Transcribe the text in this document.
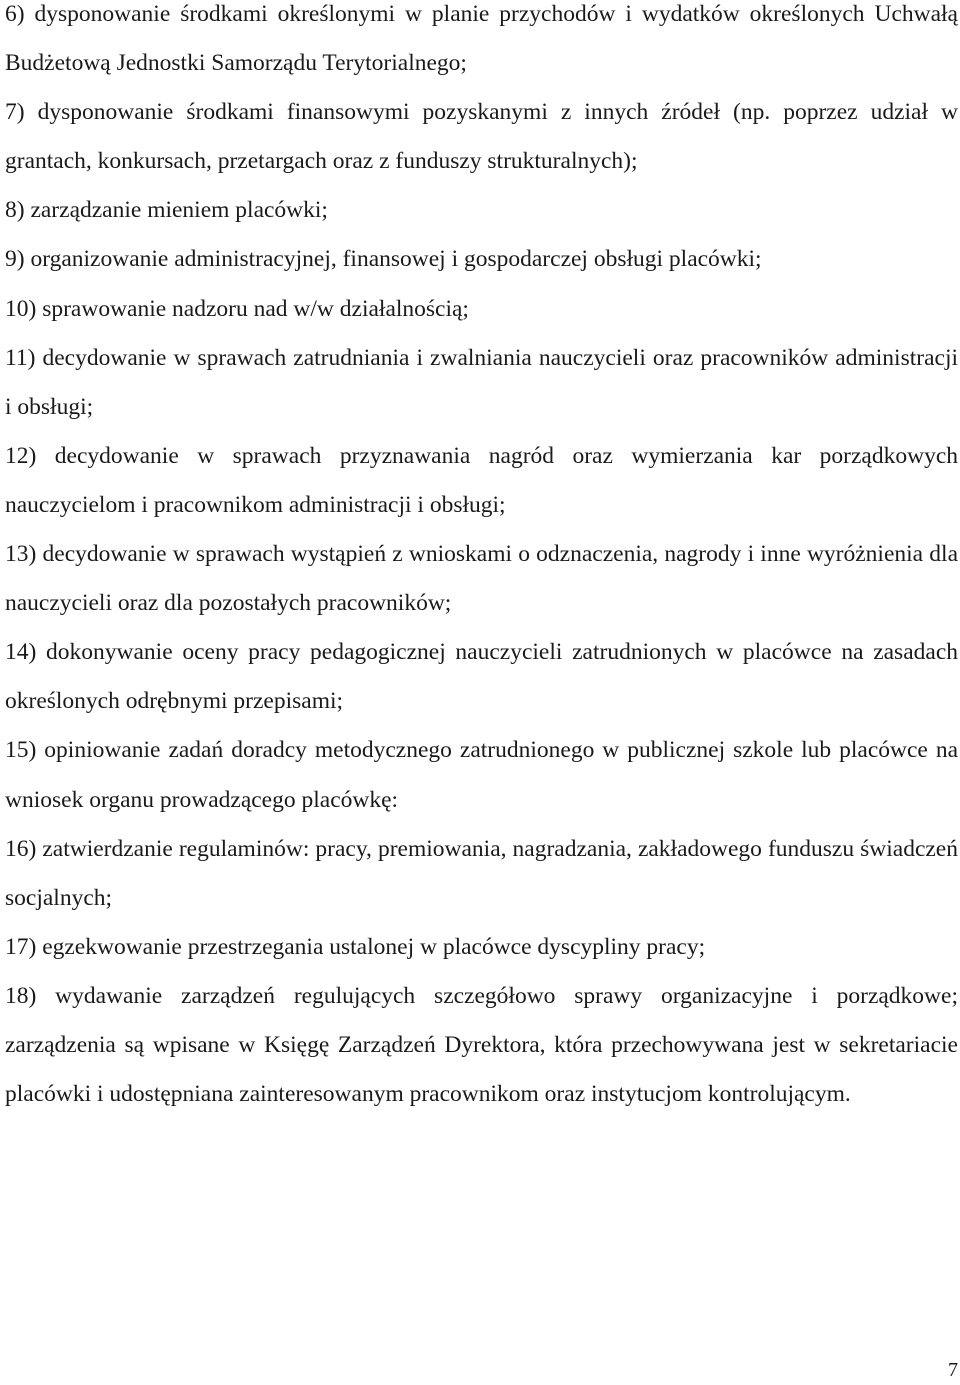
6) dysponowanie środkami określonymi w planie przychodów i wydatków określonych Uchwałą Budżetową Jednostki Samorządu Terytorialnego;

7) dysponowanie środkami finansowymi pozyskanymi z innych źródeł (np. poprzez udział w grantach, konkursach, przetargach oraz z funduszy strukturalnych);

8) zarządzanie mieniem placówki;

9) organizowanie administracyjnej, finansowej i gospodarczej obsługi placówki;

10) sprawowanie nadzoru nad w/w działalnością;

11) decydowanie w sprawach zatrudniania i zwalniania nauczycieli oraz pracowników administracji i obsługi;

12) decydowanie w sprawach przyznawania nagród oraz wymierzania kar porządkowych nauczycielom i pracownikom administracji i obsługi;

13) decydowanie w sprawach wystąpień z wnioskami o odznaczenia, nagrody i inne wyróżnienia dla nauczycieli oraz dla pozostałych pracowników;

14) dokonywanie oceny pracy pedagogicznej nauczycieli zatrudnionych w placówce na zasadach określonych odrębnymi przepisami;

15) opiniowanie zadań doradcy metodycznego zatrudnionego w publicznej szkole lub placówce na wniosek organu prowadzącego placówkę:

16) zatwierdzanie regulaminów: pracy, premiowania, nagradzania, zakładowego funduszu świadczeń socjalnych;

17) egzekwowanie przestrzegania ustalonej w placówce dyscypliny pracy;

18) wydawanie zarządzeń regulujących szczegółowo sprawy organizacyjne i porządkowe; zarządzenia są wpisane w Księgę Zarządzeń Dyrektora, która przechowywana jest w sekretariacie placówki i udostępniana zainteresowanym pracownikom oraz instytucjom kontrolującym.

7
